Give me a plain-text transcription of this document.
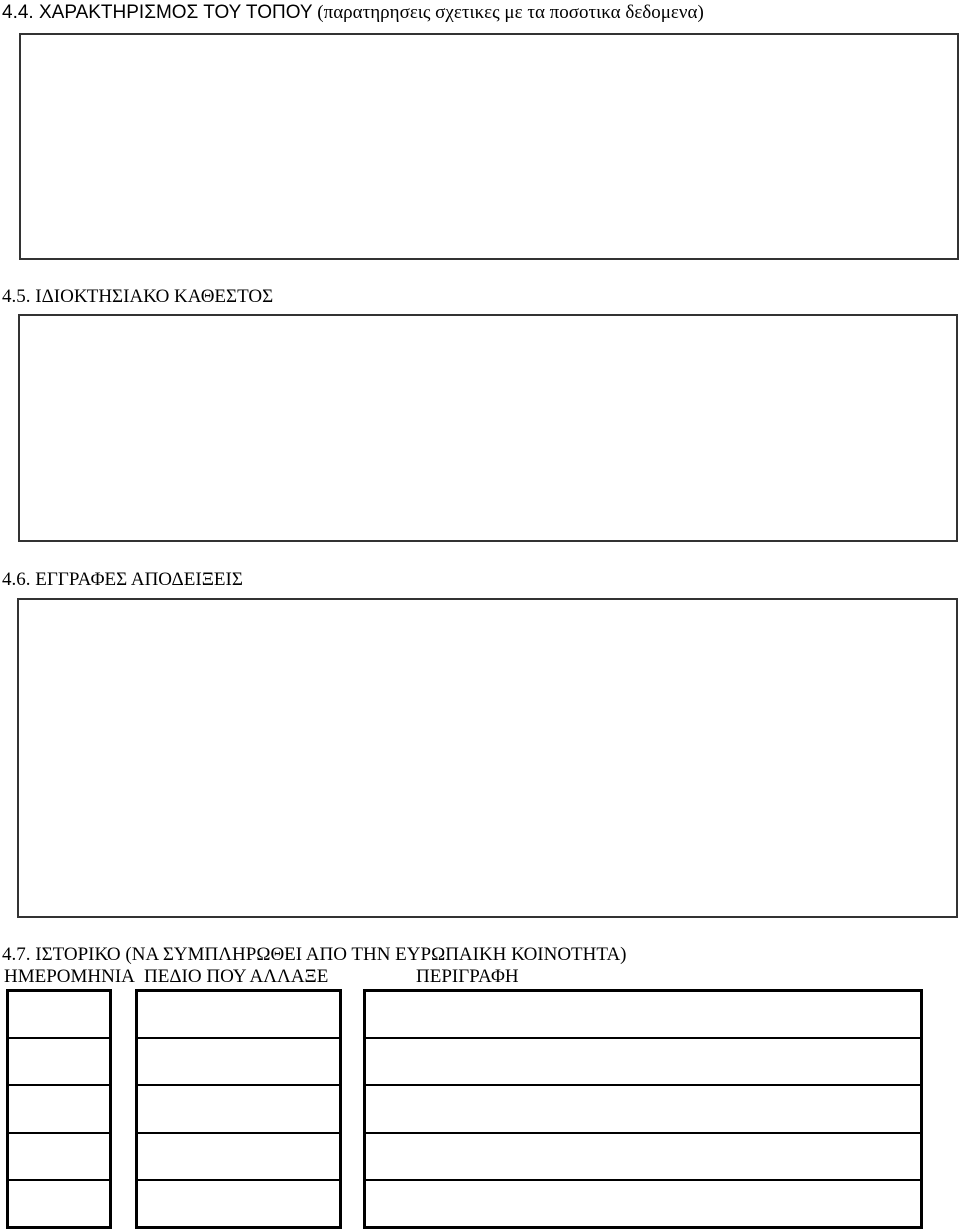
4.4. ΧΑΡΑΚΤΗΡΙΣΜΟΣ ΤΟΥ ΤΟΠΟΥ (παρατηρησεις σχετικες με τα ποσοτικα δεδομενα)
4.5. ΙΔΙΟΚΤΗΣΙΑΚΟ ΚΑΘΕΣΤΟΣ
4.6. ΕΓΓΡΑΦΕΣ ΑΠΟΔΕΙΞΕΙΣ
4.7. ΙΣΤΟΡΙΚΟ (ΝΑ ΣΥΜΠΛΗΡΩΘΕΙ ΑΠΟ ΤΗΝ ΕΥΡΩΠΑΙΚΗ ΚΟΙΝΟΤΗΤΑ)
ΗΜΕΡΟΜΗΝΙΑ ΠΕΔΙΟ ΠΟΥ ΑΛΛΑΞΕ	ΠΕΡΙΓΡΑΦΗ
